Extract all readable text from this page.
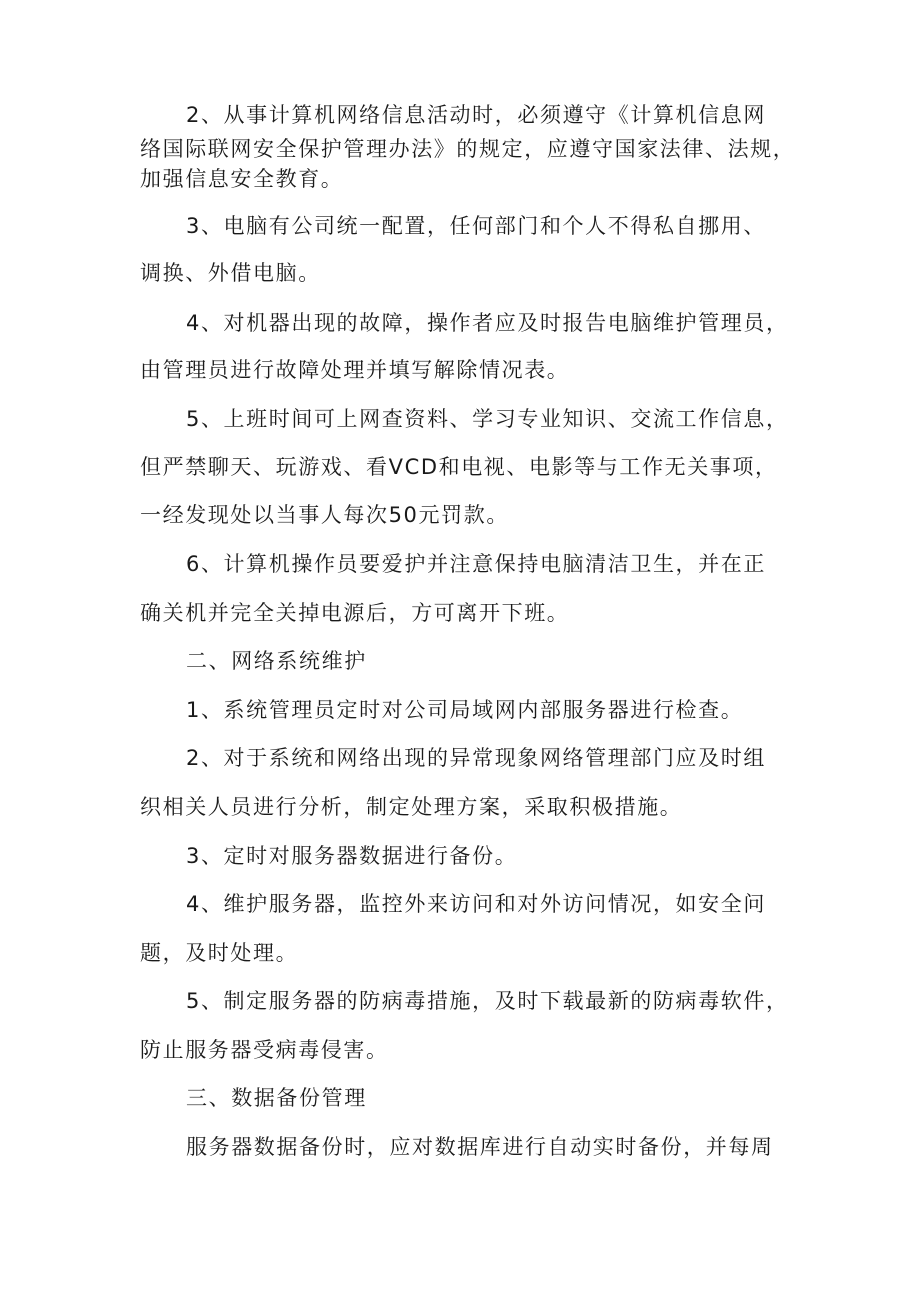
2、从事计算机网络信息活动时，必须遵守《计算机信息网
络国际联网安全保护管理办法》的规定，应遵守国家法律、法规，
加强信息安全教育。
3、电脑有公司统一配置，任何部门和个人不得私自挪用、
调换、外借电脑。
4、对机器出现的故障，操作者应及时报告电脑维护管理员，
由管理员进行故障处理并填写解除情况表。
5、上班时间可上网查资料、学习专业知识、交流工作信息，
但严禁聊天、玩游戏、看VCD和电视、电影等与工作无关事项，
一经发现处以当事人每次50元罚款。
6、计算机操作员要爱护并注意保持电脑清洁卫生，并在正
确关机并完全关掉电源后，方可离开下班。
二、网络系统维护
1、系统管理员定时对公司局域网内部服务器进行检查。
2、对于系统和网络出现的异常现象网络管理部门应及时组
织相关人员进行分析，制定处理方案，采取积极措施。
3、定时对服务器数据进行备份。
4、维护服务器，监控外来访问和对外访问情况，如安全问
题，及时处理。
5、制定服务器的防病毒措施，及时下载最新的防病毒软件，
防止服务器受病毒侵害。
三、数据备份管理
服务器数据备份时，应对数据库进行自动实时备份，并每周
